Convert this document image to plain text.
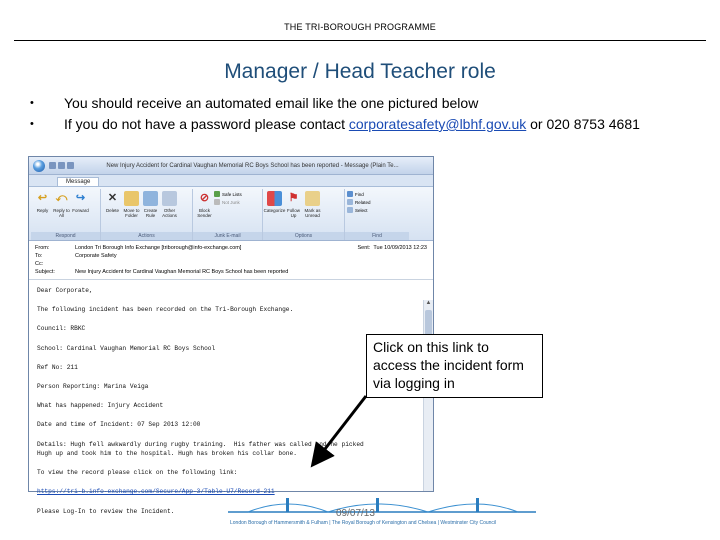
THE TRI-BOROUGH PROGRAMME
Manager / Head Teacher role
•	You should receive an automated email like the one pictured below
•	If you do not have a password please contact corporatesafety@lbhf.gov.uk or 020 8753 4681
New Injury Accident for Cardinal Vaughan Memorial RC Boys School has been reported - Message (Plain Te...
Message
↩
Reply
⤺
Reply to All
↪
Forward
Respond
✕
Delete Move to Folder
Create Rule
Other Actions
Actions
⊘
Block Sender
Safe Lists
Not Junk
Junk E-mail
Categorize
⚑
Follow Up
Mark as Unread
Options
Find
Related
Select
Find
From:	London Tri Borough Info Exchange [triborough@info-exchange.com]
To:	Corporate Safety
Cc:
Subject:	New Injury Accident for Cardinal Vaughan Memorial RC Boys School has been reported
Sent: Tue 10/09/2013 12:23

Dear Corporate,

The following incident has been recorded on the Tri-Borough Exchange.

Council: RBKC

School: Cardinal Vaughan Memorial RC Boys School

Ref No: 211

Person Reporting: Marina Veiga

What has happened: Injury Accident

Date and time of Incident: 07 Sep 2013 12:00

Details: Hugh fell awkwardly during rugby training.  His father was called and he picked

Hugh up and took him to the hospital. Hugh has broken his collar bone.

To view the record please click on the following link:

https://tri-b.info-exchange.com/Secure/App-3/Table-U7/Record-211

Please Log-In to review the Incident.

▲
Click on this link to access the incident form via logging in
09/07/13
London Borough of Hammersmith & Fulham | The Royal Borough of Kensington and Chelsea | Westminster City Council
